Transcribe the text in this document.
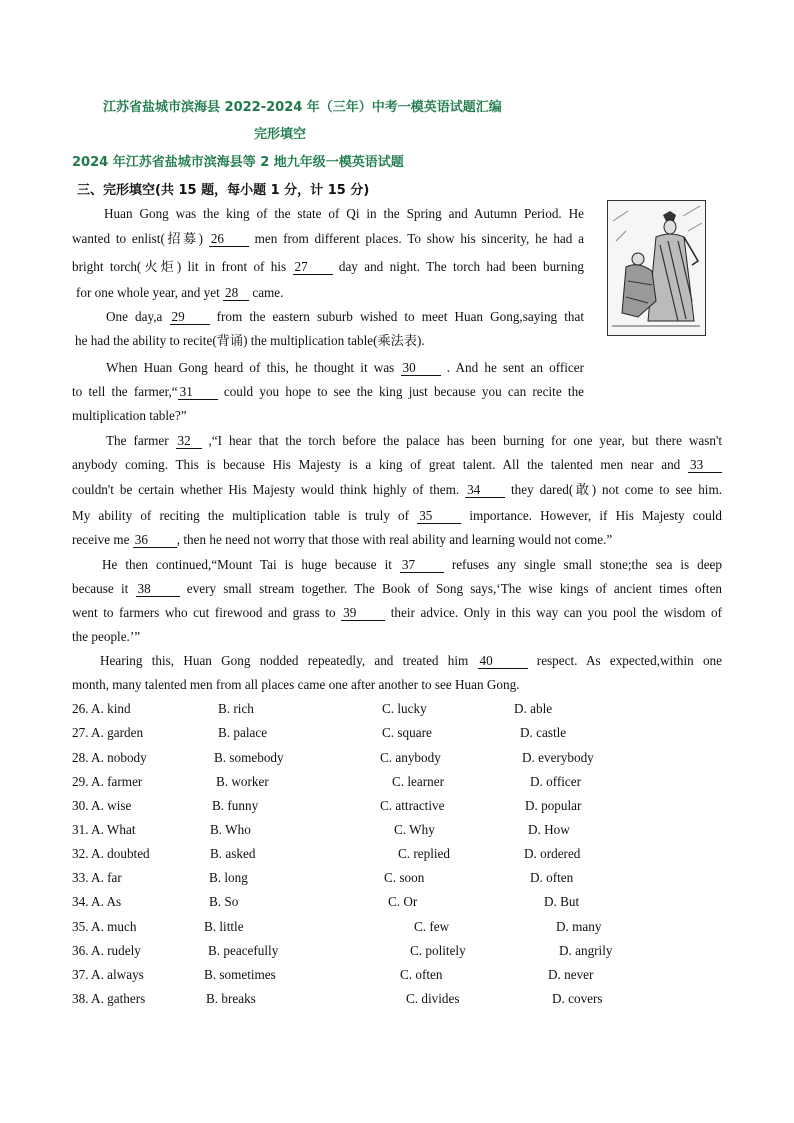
江苏省盐城市滨海县 2022-2024 年（三年）中考一模英语试题汇编
完形填空
2024 年江苏省盐城市滨海县等 2 地九年级一模英语试题
三、完形填空(共 15 题，每小题 1 分，计 15 分)
Huan Gong was the king of the state of Qi in the Spring and Autumn Period. He
wanted to enlist(招募) 26 men from different places. To show his sincerity, he had a
bright torch(火炬) lit in front of his 27 day and night. The torch had been burning
for one whole year, and yet 28 came.
One day,a 29 from the eastern suburb wished to meet Huan Gong,saying that
he had the ability to recite(背诵) the multiplication table(乘法表).
When Huan Gong heard of this, he thought it was 30 . And he sent an officer
to tell the farmer,“ 31 could you hope to see the king just because you can recite the
multiplication table?”
The farmer 32 ,“I hear that the torch before the palace has been burning for one year, but there wasn't
anybody coming. This is because His Majesty is a king of great talent. All the talented men near and 33
couldn't be certain whether His Majesty would think highly of them. 34 they dared(敢) not come to see him.
My ability of reciting the multiplication table is truly of 35	importance. However, if His Majesty could
receive me 36 , then he need not worry that those with real ability and learning would not come.”
He then continued,“Mount Tai is huge because it 37	refuses any single small stone;the sea is deep
because it 38	every small stream together. The Book of Song says,‘The wise kings of ancient times often
went to farmers who cut firewood and grass to 39	their advice. Only in this way can you pool the wisdom of
the people.’”
Hearing this, Huan Gong nodded repeatedly, and treated him 40	respect. As expected,within one
month, many talented men from all places came one after another to see Huan Gong.
26. A. kind	B. rich	C. lucky	D. able
27. A. garden	B. palace	C. square	D. castle
28. A. nobody	B. somebody	C. anybody	D. everybody
29. A. farmer	B. worker	C. learner	D. officer
30. A. wise	B. funny	C. attractive	D. popular
31. A. What	B. Who	C. Why	D. How
32. A. doubted	B. asked	C. replied	D. ordered
33. A. far	B. long	C. soon	D. often
34. A. As	B. So	C. Or	D. But
35. A. much	B. little	C. few	D. many
36. A. rudely	B. peacefully	C. politely	D. angrily
37. A. always	B. sometimes	C. often	D. never
38. A. gathers	B. breaks	C. divides	D. covers
